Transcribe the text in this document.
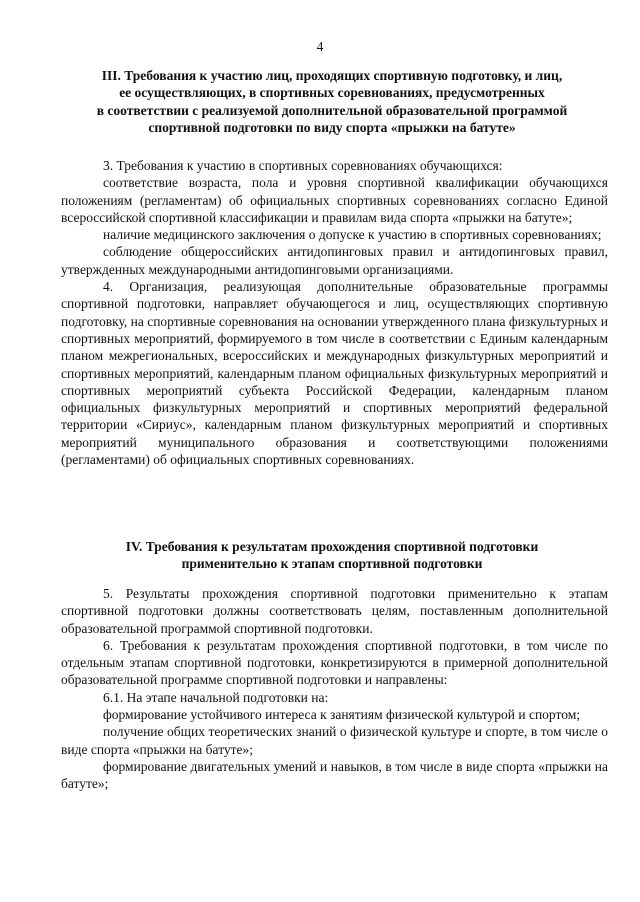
4
III. Требования к участию лиц, проходящих спортивную подготовку, и лиц,
ее осуществляющих, в спортивных соревнованиях, предусмотренных
в соответствии с реализуемой дополнительной образовательной программой
спортивной подготовки по виду спорта «прыжки на батуте»

3. Требования к участию в спортивных соревнованиях обучающихся:

соответствие возраста, пола и уровня спортивной квалификации обучающихся положениям (регламентам) об официальных спортивных соревнованиях согласно Единой всероссийской спортивной классификации и правилам вида спорта «прыжки на батуте»;

наличие медицинского заключения о допуске к участию в спортивных соревнованиях;

соблюдение общероссийских антидопинговых правил и антидопинговых правил, утвержденных международными антидопинговыми организациями.

4. Организация, реализующая дополнительные образовательные программы спортивной подготовки, направляет обучающегося и лиц, осуществляющих спортивную подготовку, на спортивные соревнования на основании утвержденного плана физкультурных и спортивных мероприятий, формируемого в том числе в соответствии с Единым календарным планом межрегиональных, всероссийских и международных физкультурных мероприятий и спортивных мероприятий, календарным планом официальных физкультурных мероприятий и спортивных мероприятий субъекта Российской Федерации, календарным планом официальных физкультурных мероприятий и спортивных мероприятий федеральной территории «Сириус», календарным планом физкультурных мероприятий и спортивных мероприятий муниципального образования и соответствующими положениями (регламентами) об официальных спортивных соревнованиях.

IV. Требования к результатам прохождения спортивной подготовки
применительно к этапам спортивной подготовки

5. Результаты прохождения спортивной подготовки применительно к этапам спортивной подготовки должны соответствовать целям, поставленным дополнительной образовательной программой спортивной подготовки.

6. Требования к результатам прохождения спортивной подготовки, в том числе по отдельным этапам спортивной подготовки, конкретизируются в примерной дополнительной образовательной программе спортивной подготовки и направлены:

6.1. На этапе начальной подготовки на:

формирование устойчивого интереса к занятиям физической культурой и спортом;

получение общих теоретических знаний о физической культуре и спорте, в том числе о виде спорта «прыжки на батуте»;

формирование двигательных умений и навыков, в том числе в виде спорта «прыжки на батуте»;
